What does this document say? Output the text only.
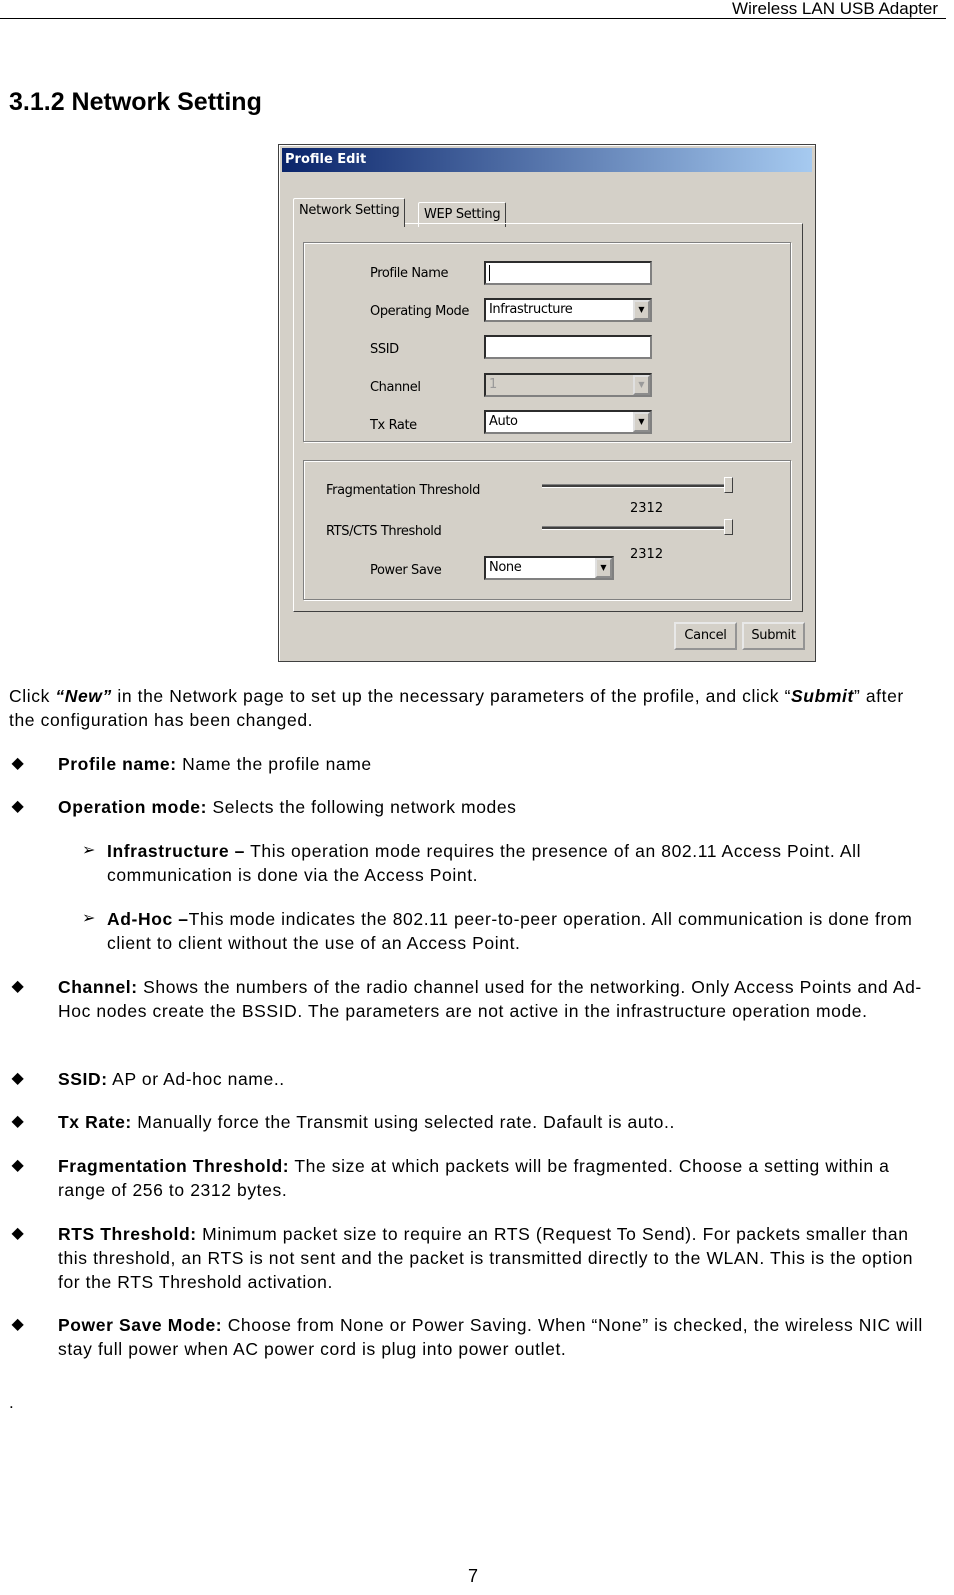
Wireless LAN USB Adapter
3.1.2 Network Setting
Profile Edit
Network Setting	WEP Setting
Profile Name
Operating Mode Infrastructure	▼
SSID
Channel	1	▼
Tx Rate	Auto	▼
Fragmentation Threshold
2312
RTS/CTS Threshold
2312
Power Save	None	▼
Cancel	Submit
Click “New” in the Network page to set up the necessary parameters of the profile, and click “Submit” after the configuration has been changed.
◆ Profile name: Name the profile name
◆ Operation mode: Selects the following network modes
➢ Infrastructure – This operation mode requires the presence of an 802.11 Access Point. All communication is done via the Access Point.
➢ Ad-Hoc –This mode indicates the 802.11 peer-to-peer operation. All communication is done from client to client without the use of an Access Point.
◆ Channel: Shows the numbers of the radio channel used for the networking. Only Access Points and Ad-Hoc nodes create the BSSID. The parameters are not active in the infrastructure operation mode.
◆ SSID: AP or Ad-hoc name..
◆ Tx Rate: Manually force the Transmit using selected rate. Dafault is auto..
◆ Fragmentation Threshold: The size at which packets will be fragmented. Choose a setting within a range of 256 to 2312 bytes.
◆ RTS Threshold: Minimum packet size to require an RTS (Request To Send). For packets smaller than this threshold, an RTS is not sent and the packet is transmitted directly to the WLAN. This is the option for the RTS Threshold activation.
◆ Power Save Mode: Choose from None or Power Saving. When “None” is checked, the wireless NIC will stay full power when AC power cord is plug into power outlet.
.
7
